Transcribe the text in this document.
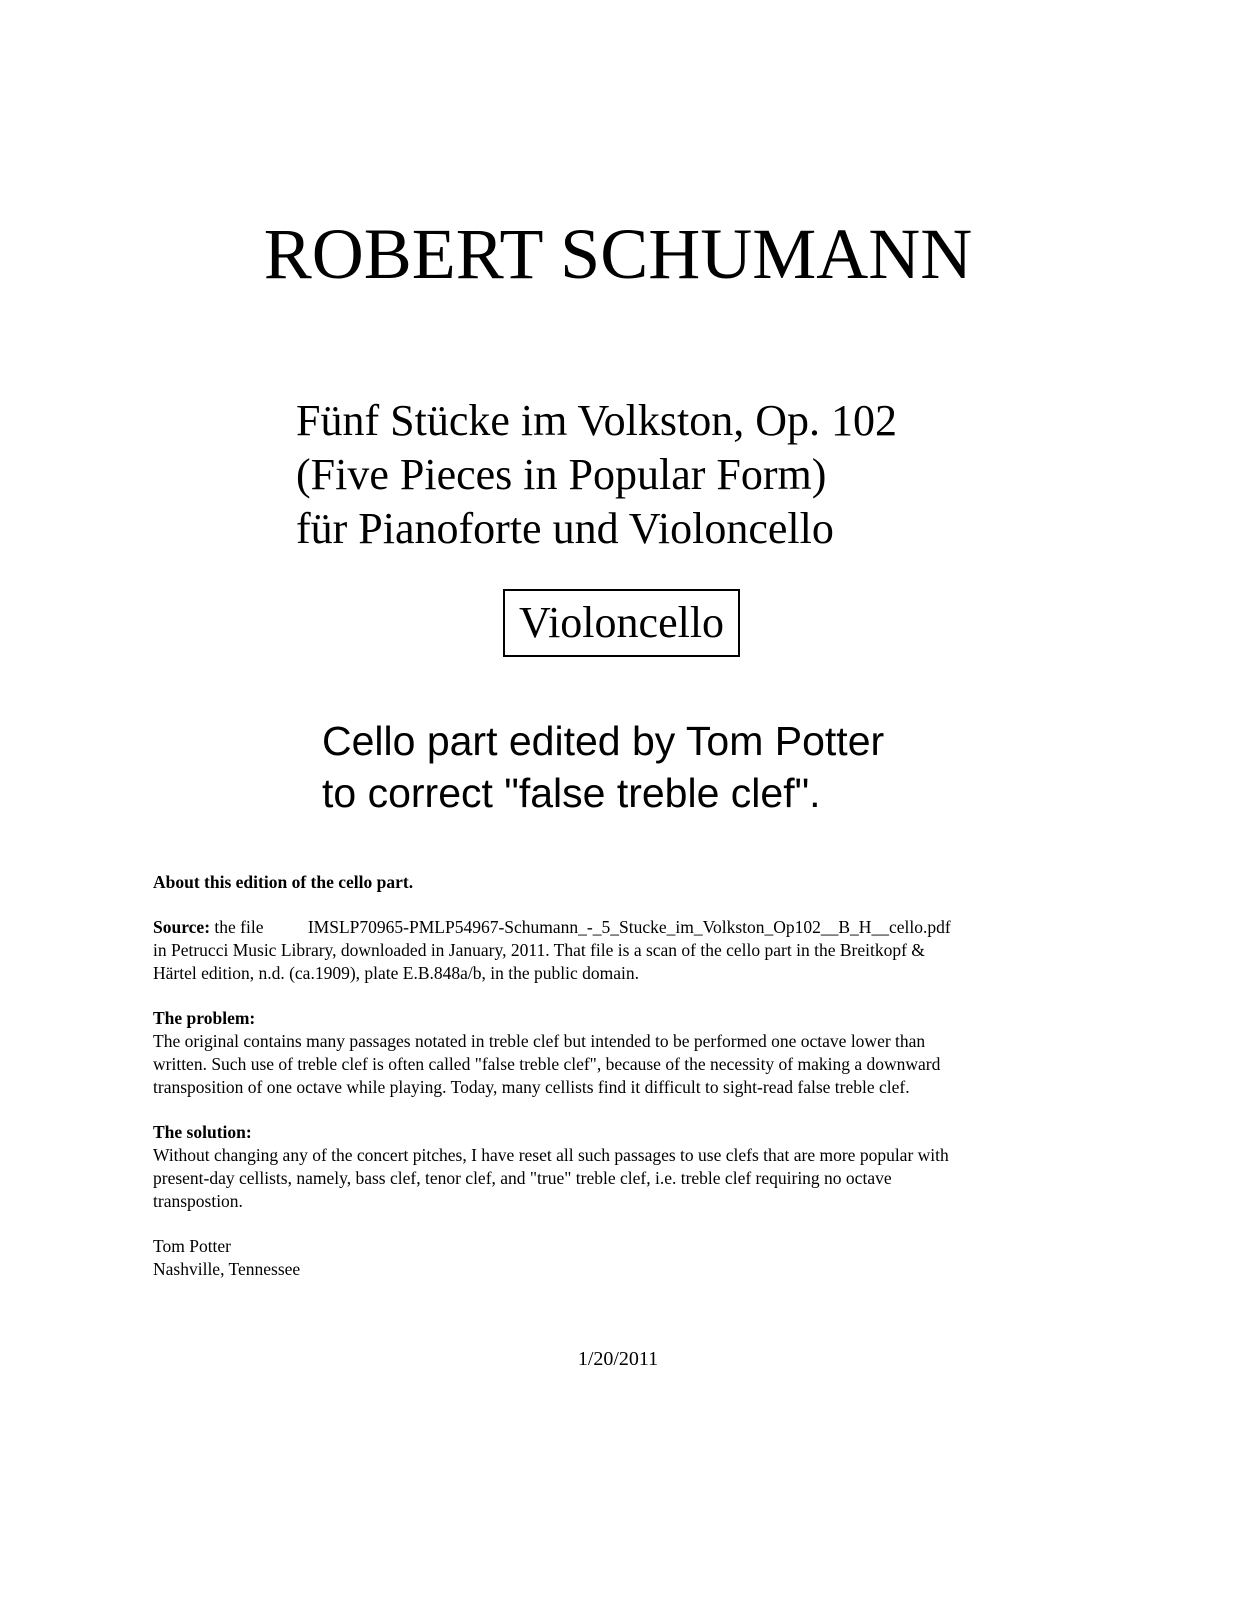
ROBERT SCHUMANN
Fünf Stücke im Volkston, Op. 102
(Five Pieces in Popular Form)
für Pianoforte und Violoncello
Violoncello
Cello part edited by Tom Potter
to correct "false treble clef".
About this edition of the cello part.
Source: the file	IMSLP70965-PMLP54967-Schumann_-_5_Stucke_im_Volkston_Op102__B_H__cello.pdf
in Petrucci Music Library, downloaded in January, 2011. That file is a scan of the cello part in the Breitkopf &
Härtel edition, n.d. (ca.1909), plate E.B.848a/b, in the public domain.
The problem:
The original contains many passages notated in treble clef but intended to be performed one octave lower than
written. Such use of treble clef is often called "false treble clef", because of the necessity of making a downward
transposition of one octave while playing. Today, many cellists find it difficult to sight-read false treble clef.
The solution:
Without changing any of the concert pitches, I have reset all such passages to use clefs that are more popular with
present-day cellists, namely, bass clef, tenor clef, and "true" treble clef, i.e. treble clef requiring no octave
transpostion.
Tom Potter
Nashville, Tennessee
1/20/2011
